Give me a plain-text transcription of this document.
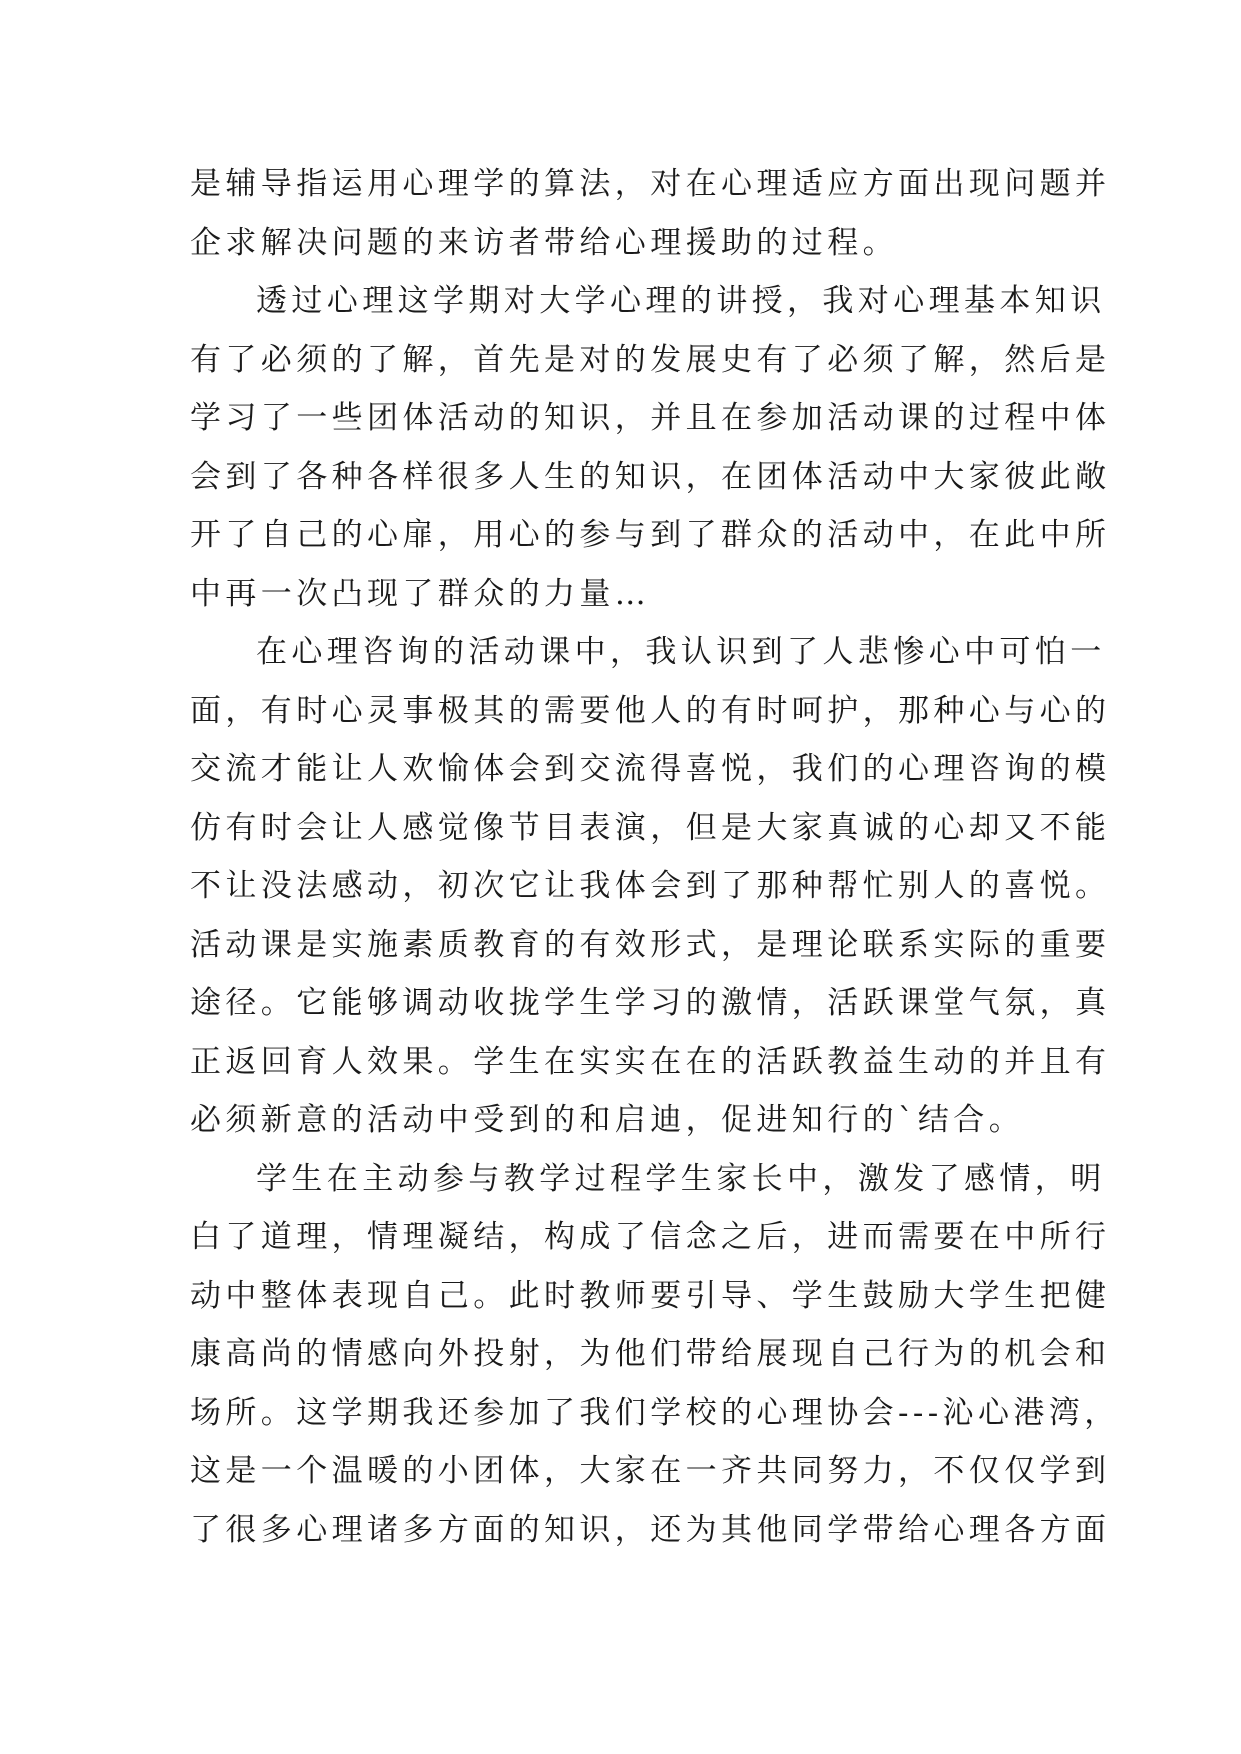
是辅导指运用心理学的算法，对在心理适应方面出现问题并
企求解决问题的来访者带给心理援助的过程。
透过心理这学期对大学心理的讲授，我对心理基本知识
有了必须的了解，首先是对的发展史有了必须了解，然后是
学习了一些团体活动的知识，并且在参加活动课的过程中体
会到了各种各样很多人生的知识，在团体活动中大家彼此敞
开了自己的心扉，用心的参与到了群众的活动中，在此中所
中再一次凸现了群众的力量…
在心理咨询的活动课中，我认识到了人悲惨心中可怕一
面，有时心灵事极其的需要他人的有时呵护，那种心与心的
交流才能让人欢愉体会到交流得喜悦，我们的心理咨询的模
仿有时会让人感觉像节目表演，但是大家真诚的心却又不能
不让没法感动，初次它让我体会到了那种帮忙别人的喜悦。
活动课是实施素质教育的有效形式，是理论联系实际的重要
途径。它能够调动收拢学生学习的激情，活跃课堂气氛，真
正返回育人效果。学生在实实在在的活跃教益生动的并且有
必须新意的活动中受到的和启迪，促进知行的`结合。
学生在主动参与教学过程学生家长中，激发了感情，明
白了道理，情理凝结，构成了信念之后，进而需要在中所行
动中整体表现自己。此时教师要引导、学生鼓励大学生把健
康高尚的情感向外投射，为他们带给展现自己行为的机会和
场所。这学期我还参加了我们学校的心理协会---沁心港湾，
这是一个温暖的小团体，大家在一齐共同努力，不仅仅学到
了很多心理诸多方面的知识，还为其他同学带给心理各方面
